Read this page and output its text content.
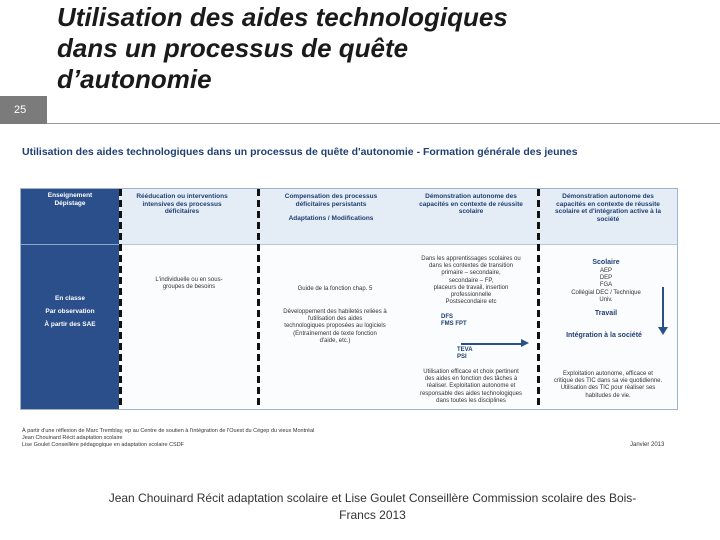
25
Utilisation des aides technologiques
dans un processus de quête
d’autonomie
Utilisation des aides technologiques dans un processus de quête d'autonomie - Formation générale des jeunes
Enseignement
Dépistage
En classe
Par observation
À partir des SAE
Rééducation ou interventions
intensives des processus
déficitaires
Compensation des processus
déficitaires persistants
Adaptations / Modifications
Démonstration autonome des
capacités en contexte de réussite
scolaire
Démonstration autonome des
capacités en contexte de réussite
scolaire et d'intégration active à la
société
L'individuelle ou en sous-
groupes de besoins	Guide de la fonction chap. 5
Développement des habiletés reliées à
l'utilisation des aides
technologiques proposées au logiciels
(Entraînement de texte fonction
d'aide, etc.)
Dans les apprentissages scolaires ou
dans les contextes de transition
primaire – secondaire,
secondaire – FP,
placeurs de travail, insertion
professionnelle
Postsecondaire etc
DFS
FMS FPT
TEVA
PSI
Utilisation efficace et choix pertinent
des aides en fonction des tâches à
réaliser. Exploitation autonome et
responsable des aides technologiques
dans toutes les disciplines
Scolaire
AEP
DEP
FGA
Collégial DEC / Technique
Univ.
Travail
Intégration à la société
Exploitation autonome, efficace et
critique des TIC dans sa vie quotidienne.
Utilisation des TIC pour réaliser ses
habitudes de vie.
À partir d'une réflexion de Marc Tremblay, ep au Centre de soutien à l'intégration de l'Ouest du Cégep du vieux Montréal
Jean Chouinard Récit adaptation scolaire
Lise Goulet Conseillère pédagogique en adaptation scolaire CSDF	Janvier 2013
Jean Chouinard Récit adaptation scolaire et Lise Goulet Conseillère Commission scolaire des Bois-
Francs 2013
